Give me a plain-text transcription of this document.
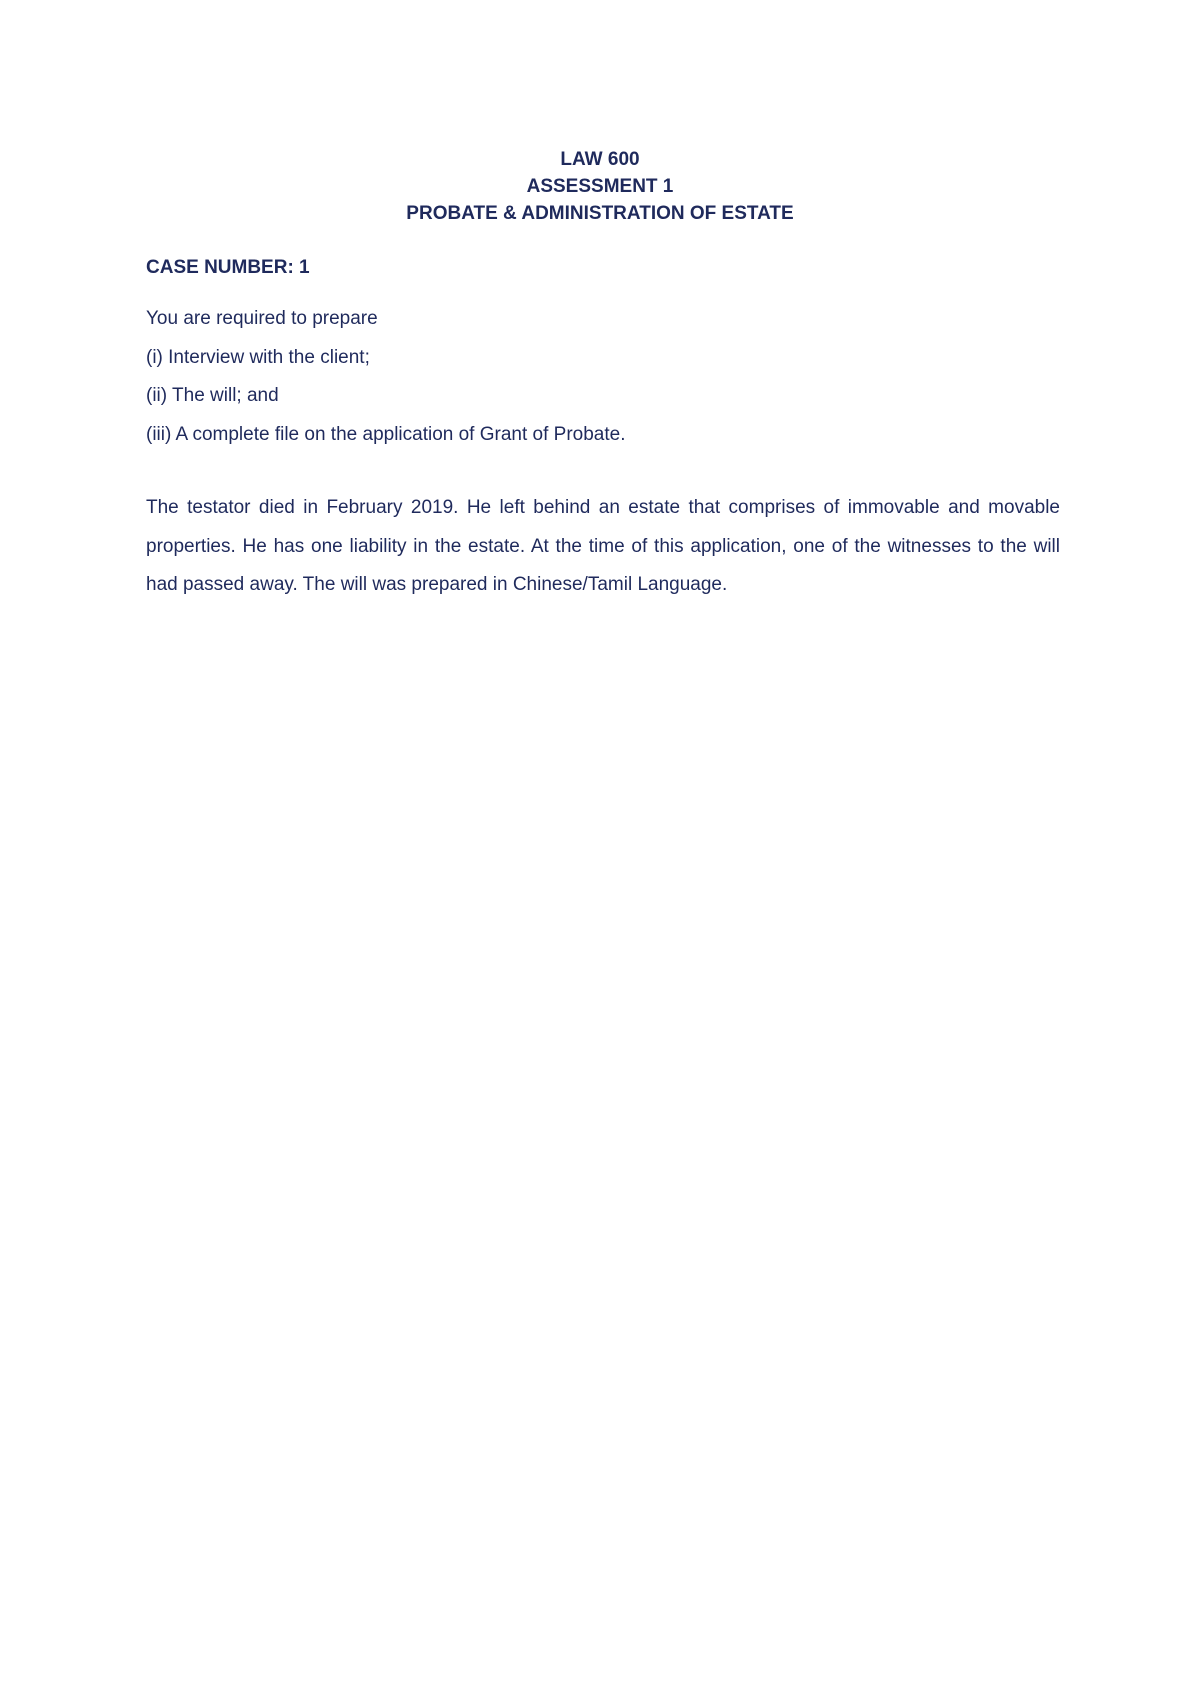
LAW 600
ASSESSMENT 1
PROBATE & ADMINISTRATION OF ESTATE
CASE NUMBER: 1
You are required to prepare
(i) Interview with the client;
(ii) The will; and
(iii) A complete file on the application of Grant of Probate.

The testator died in February 2019. He left behind an estate that comprises of immovable and movable properties. He has one liability in the estate. At the time of this application, one of the witnesses to the will had passed away. The will was prepared in Chinese/Tamil Language.
